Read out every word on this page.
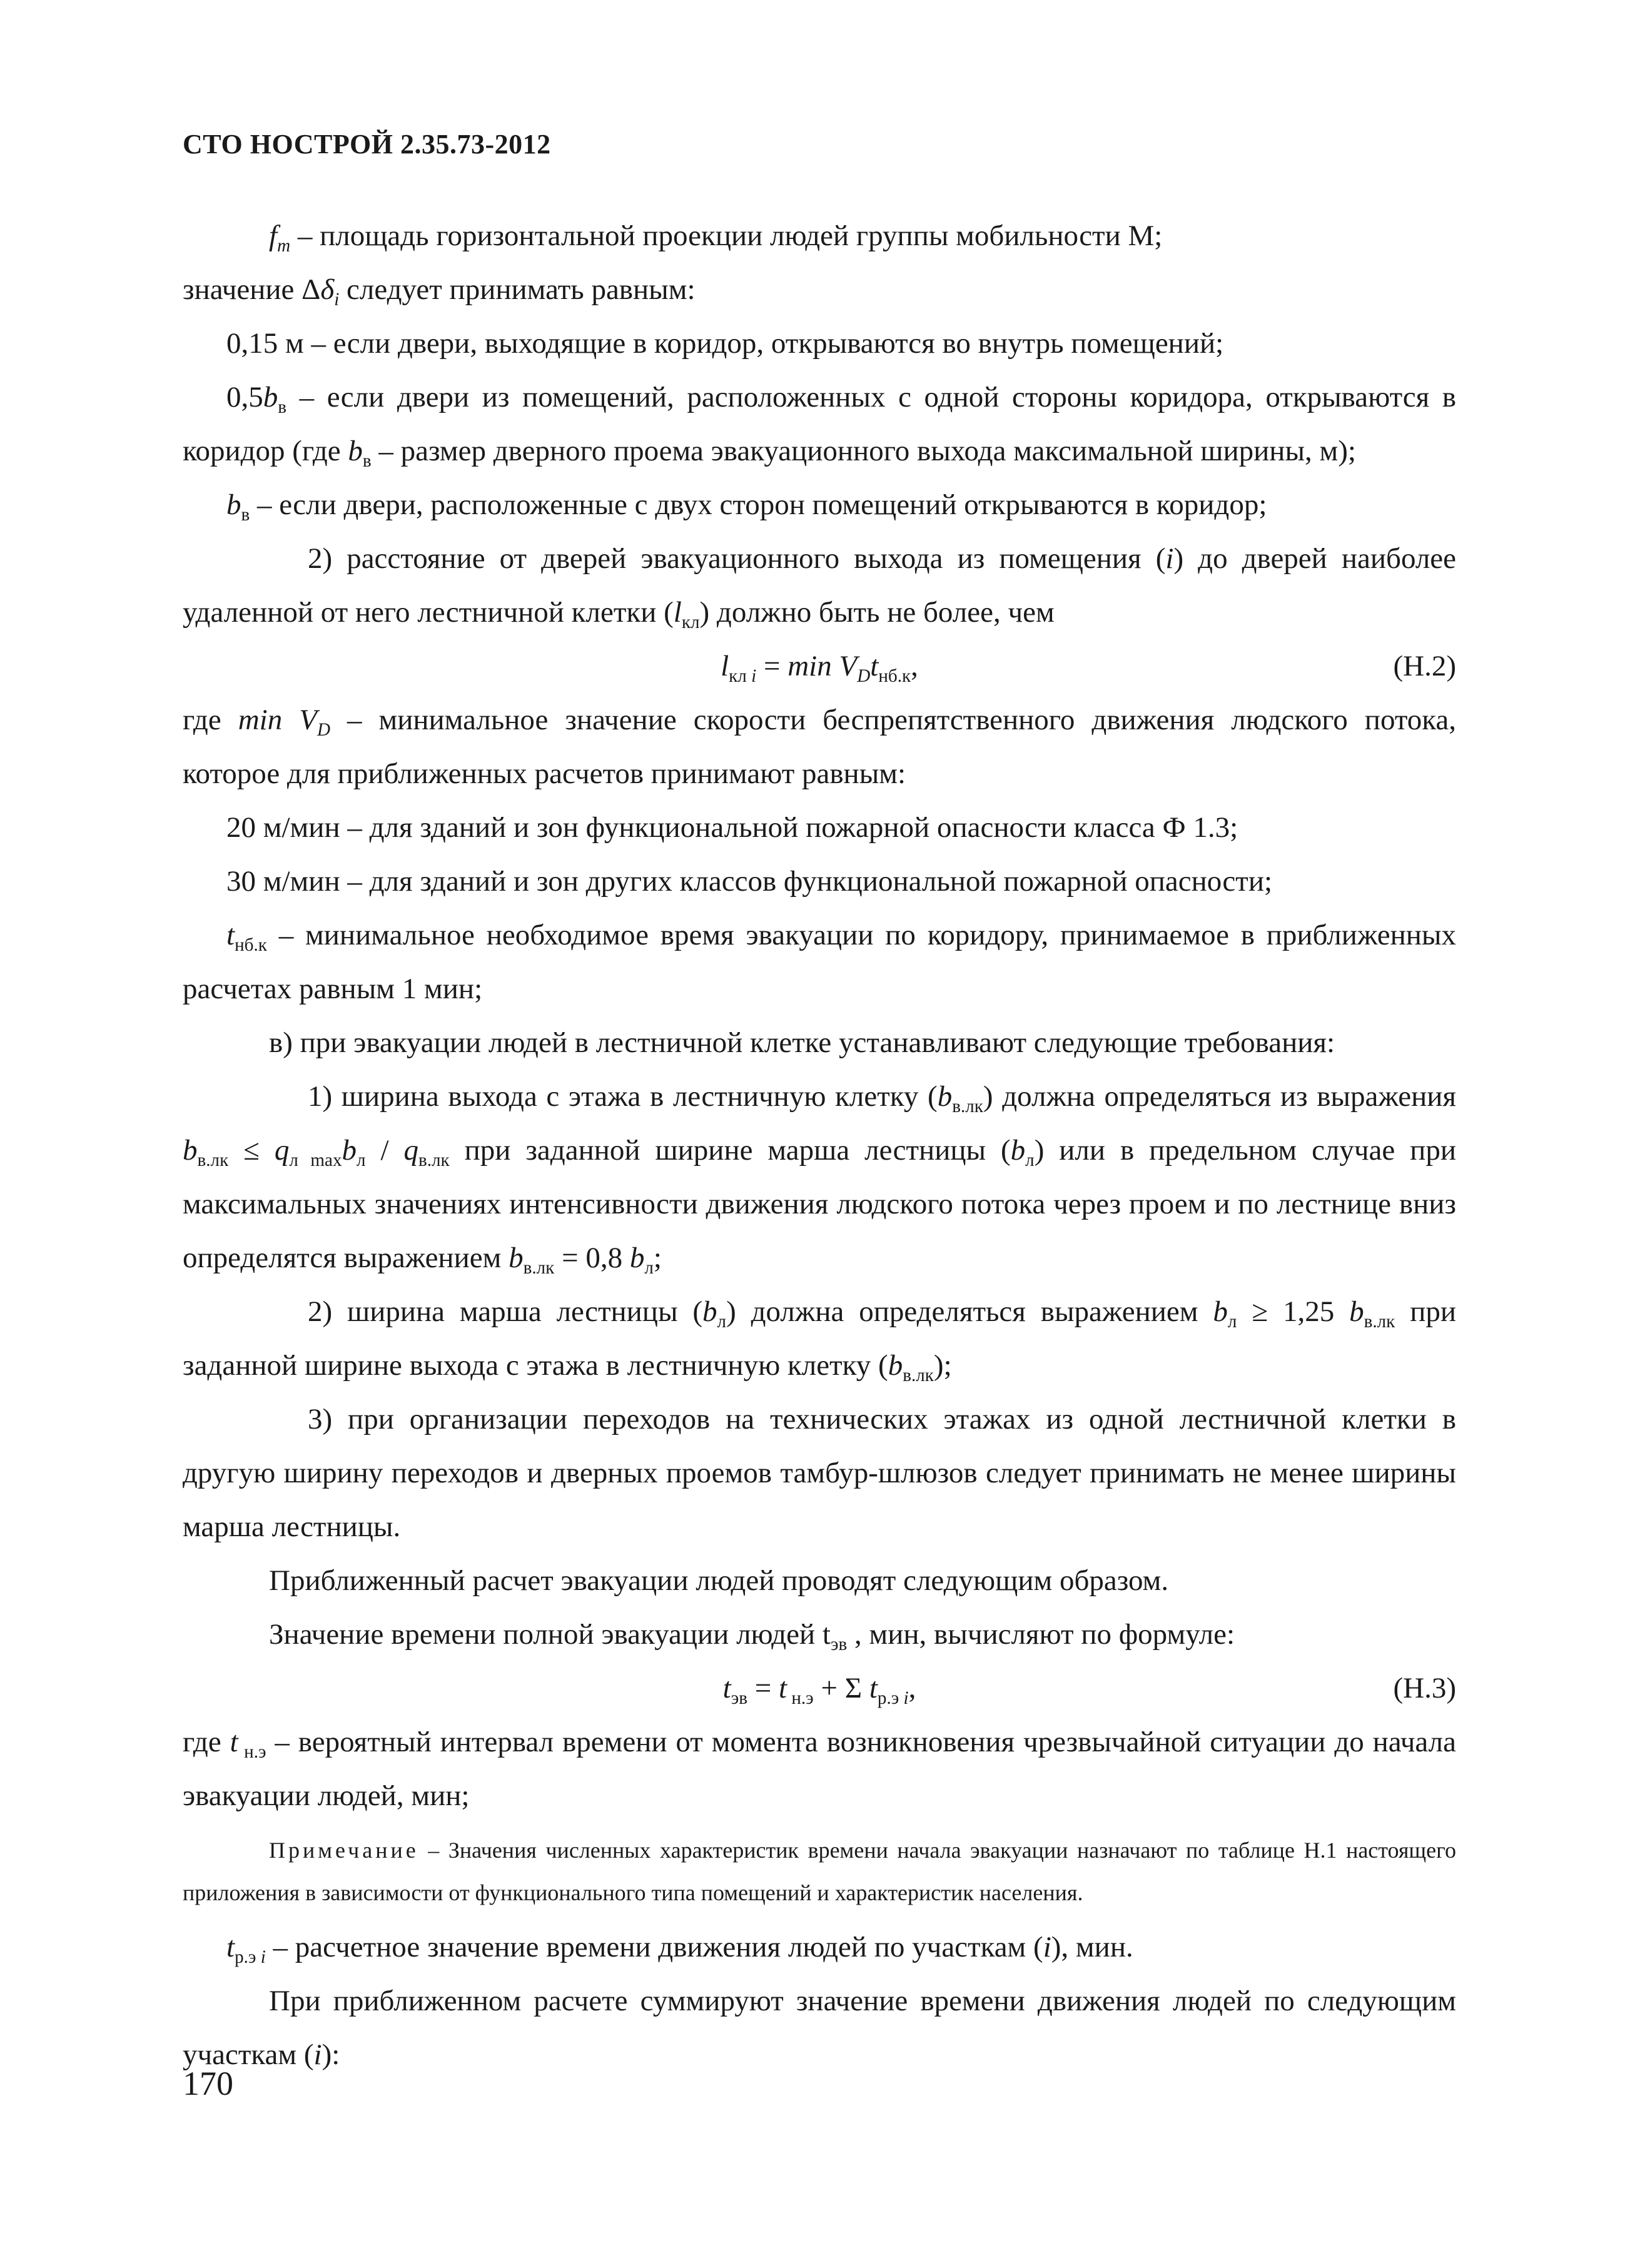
СТО НОСТРОЙ 2.35.73-2012

$f_m$ – площадь горизонтальной проекции людей группы мобильности М;

значение $\Delta\delta_i$ следует принимать равным:

0,15 м – если двери, выходящие в коридор, открываются во внутрь помещений;

$0,5b_в$ – если двери из помещений, расположенных с одной стороны коридора, открываются в коридор (где $b_в$ – размер дверного проема эвакуационного выхода максимальной ширины, м);

$b_в$ – если двери, расположенные с двух сторон помещений открываются в коридор;

2) расстояние от дверей эвакуационного выхода из помещения (i) до дверей наиболее удаленной от него лестничной клетки $(l_{кл})$ должно быть не более, чем

$l_{кл i} = \min V_Dt_{нб.к}$,	(Н.2)

где $\min V_D$ – минимальное значение скорости беспрепятственного движения людского потока, которое для приближенных расчетов принимают равным:

20 м/мин – для зданий и зон функциональной пожарной опасности класса Ф 1.3;

30 м/мин – для зданий и зон других классов функциональной пожарной опасности;

$t_{нб.к}$ – минимальное необходимое время эвакуации по коридору, принимаемое в приближенных расчетах равным 1 мин;

в) при эвакуации людей в лестничной клетке устанавливают следующие требования:

1) ширина выхода с этажа в лестничную клетку $(b_{в.лк})$ должна определяться из выражения $b_{в.лк} \le q_{л max}b_л / q_{в.лк}$ при заданной ширине марша лестницы $(b_л)$ или в предельном случае при максимальных значениях интенсивности движения людского потока через проем и по лестнице вниз определятся выражением $b_{в.лк} = 0,8$ $b_л$;

2) ширина марша лестницы $(b_л)$ должна определяться выражением $b_л \ge 1,25$ $b_{в.лк}$ при заданной ширине выхода с этажа в лестничную клетку $(b_{в.лк})$;

3) при организации переходов на технических этажах из одной лестничной клетки в другую ширину переходов и дверных проемов тамбур-шлюзов следует принимать не менее ширины марша лестницы.

Приближенный расчет эвакуации людей проводят следующим образом.

Значение времени полной эвакуации людей $t_{эв}$ , мин, вычисляют по формуле:

$t_{эв} = t$ $_{н.э}$ + Σ $t_{р.э i}$,	(Н.3)

где t $_{н.э}$ – вероятный интервал времени от момента возникновения чрезвычайной ситуации до начала эвакуации людей, мин;

Примечание – Значения численных характеристик времени начала эвакуации назначают по таблице Н.1 настоящего приложения в зависимости от функционального типа помещений и характеристик населения.

$t_{р.э i}$ – расчетное значение времени движения людей по участкам (i), мин.

При приближенном расчете суммируют значение времени движения людей по следующим участкам (i):

170
